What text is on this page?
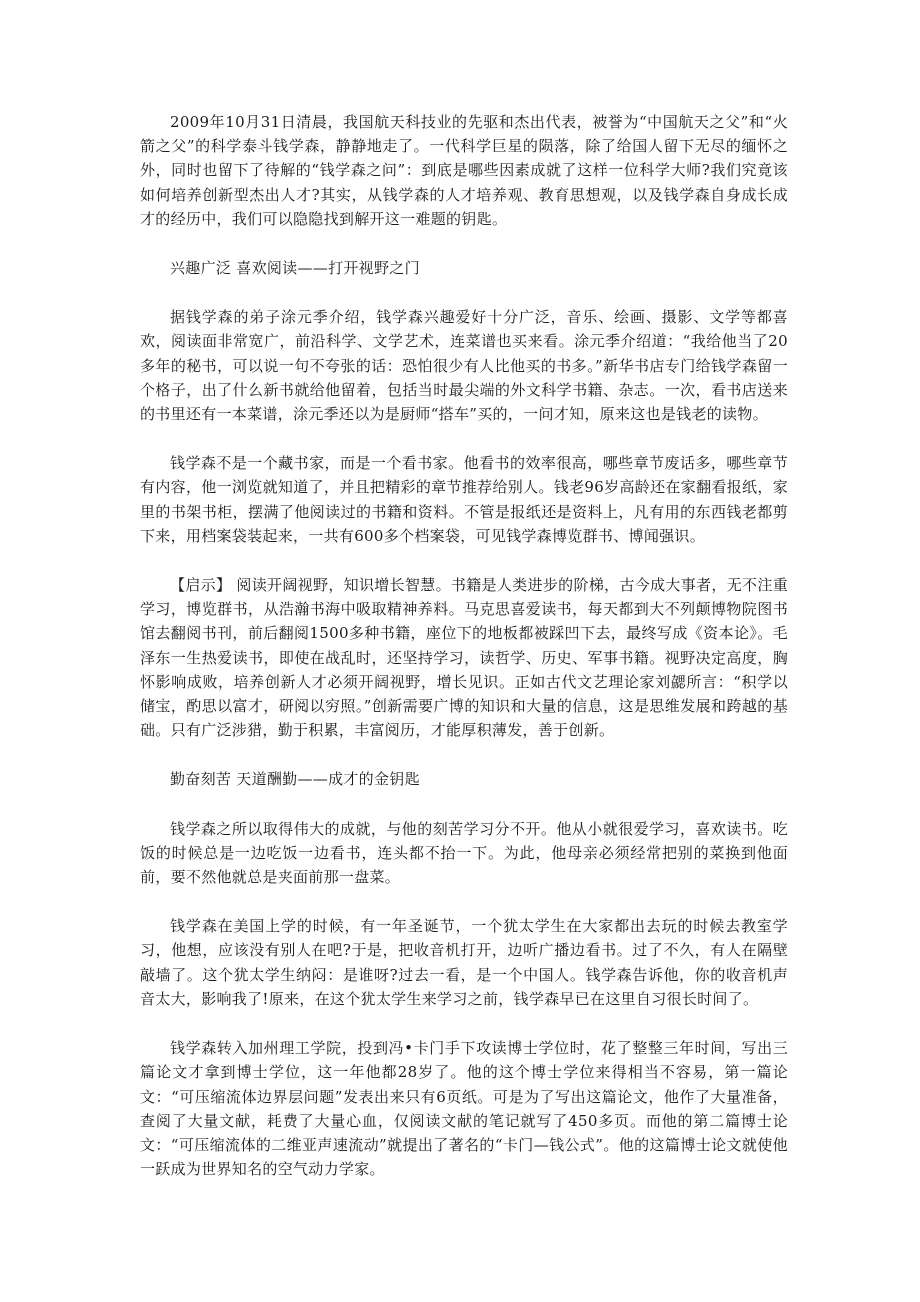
2009年10月31日清晨，我国航天科技业的先驱和杰出代表，被誉为“中国航天之父”和“火箭之父”的科学泰斗钱学森，静静地走了。一代科学巨星的陨落，除了给国人留下无尽的缅怀之外，同时也留下了待解的“钱学森之问”：到底是哪些因素成就了这样一位科学大师?我们究竟该如何培养创新型杰出人才?其实，从钱学森的人才培养观、教育思想观，以及钱学森自身成长成才的经历中，我们可以隐隐找到解开这一难题的钥匙。

兴趣广泛 喜欢阅读——打开视野之门

据钱学森的弟子涂元季介绍，钱学森兴趣爱好十分广泛，音乐、绘画、摄影、文学等都喜欢，阅读面非常宽广，前沿科学、文学艺术，连菜谱也买来看。涂元季介绍道：“我给他当了20多年的秘书，可以说一句不夸张的话：恐怕很少有人比他买的书多。”新华书店专门给钱学森留一个格子，出了什么新书就给他留着，包括当时最尖端的外文科学书籍、杂志。一次，看书店送来的书里还有一本菜谱，涂元季还以为是厨师“搭车”买的，一问才知，原来这也是钱老的读物。

钱学森不是一个藏书家，而是一个看书家。他看书的效率很高，哪些章节废话多，哪些章节有内容，他一浏览就知道了，并且把精彩的章节推荐给别人。钱老96岁高龄还在家翻看报纸，家里的书架书柜，摆满了他阅读过的书籍和资料。不管是报纸还是资料上，凡有用的东西钱老都剪下来，用档案袋装起来，一共有600多个档案袋，可见钱学森博览群书、博闻强识。

【启示】 阅读开阔视野，知识增长智慧。书籍是人类进步的阶梯，古今成大事者，无不注重学习，博览群书，从浩瀚书海中吸取精神养料。马克思喜爱读书，每天都到大不列颠博物院图书馆去翻阅书刊，前后翻阅1500多种书籍，座位下的地板都被踩凹下去，最终写成《资本论》。毛泽东一生热爱读书，即使在战乱时，还坚持学习，读哲学、历史、军事书籍。视野决定高度，胸怀影响成败，培养创新人才必须开阔视野，增长见识。正如古代文艺理论家刘勰所言：“积学以储宝，酌思以富才，研阅以穷照。”创新需要广博的知识和大量的信息，这是思维发展和跨越的基础。只有广泛涉猎，勤于积累，丰富阅历，才能厚积薄发，善于创新。

勤奋刻苦 天道酬勤——成才的金钥匙

钱学森之所以取得伟大的成就，与他的刻苦学习分不开。他从小就很爱学习，喜欢读书。吃饭的时候总是一边吃饭一边看书，连头都不抬一下。为此，他母亲必须经常把别的菜换到他面前，要不然他就总是夹面前那一盘菜。

钱学森在美国上学的时候，有一年圣诞节，一个犹太学生在大家都出去玩的时候去教室学习，他想，应该没有别人在吧?于是，把收音机打开，边听广播边看书。过了不久，有人在隔壁敲墙了。这个犹太学生纳闷：是谁呀?过去一看，是一个中国人。钱学森告诉他，你的收音机声音太大，影响我了!原来，在这个犹太学生来学习之前，钱学森早已在这里自习很长时间了。

钱学森转入加州理工学院，投到冯•卡门手下攻读博士学位时，花了整整三年时间，写出三篇论文才拿到博士学位，这一年他都28岁了。他的这个博士学位来得相当不容易，第一篇论文：“可压缩流体边界层问题”发表出来只有6页纸。可是为了写出这篇论文，他作了大量准备，查阅了大量文献，耗费了大量心血，仅阅读文献的笔记就写了450多页。而他的第二篇博士论文：“可压缩流体的二维亚声速流动”就提出了著名的“卡门—钱公式”。他的这篇博士论文就使他一跃成为世界知名的空气动力学家。
